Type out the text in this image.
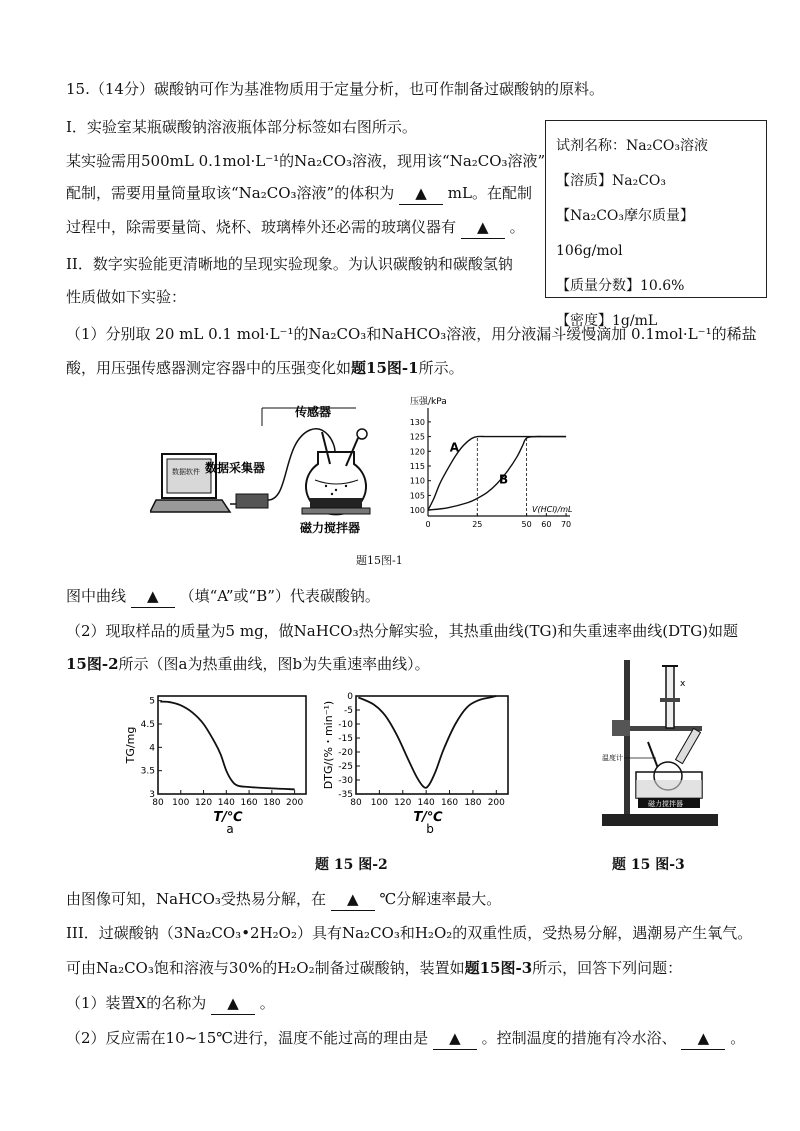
15.（14分）碳酸钠可作为基准物质用于定量分析，也可作制备过碳酸钠的原料。
I．实验室某瓶碳酸钠溶液瓶体部分标签如右图所示。
某实验需用500mL 0.1mol·L⁻¹的Na₂CO₃溶液，现用该“Na₂CO₃溶液”
配制，需要用量筒量取该“Na₂CO₃溶液”的体积为 ▲ mL。在配制
过程中，除需要量筒、烧杯、玻璃棒外还必需的玻璃仪器有 ▲ 。
试剂名称：Na₂CO₃溶液
【溶质】Na₂CO₃
【Na₂CO₃摩尔质量】106g/mol
【质量分数】10.6%
【密度】1g/mL
II．数字实验能更清晰地的呈现实验现象。为认识碳酸钠和碳酸氢钠
性质做如下实验：
（1）分别取 20 mL 0.1 mol·L⁻¹的Na₂CO₃和NaHCO₃溶液，用分液漏斗缓慢滴加 0.1mol·L⁻¹的稀盐
酸，用压强传感器测定容器中的压强变化如题15图-1所示。
数据软件 数据采集器
传感器
磁力搅拌器
压强/kPa
V(HCl)/mL
100
105
110
115
120
125
130
0	25	50 60 70
A
B
题15图-1
图中曲线 ▲ （填“A”或“B”）代表碳酸钠。
（2）现取样品的质量为5 mg，做NaHCO₃热分解实验，其热重曲线(TG)和失重速率曲线(DTG)如题
15图-2所示（图a为热重曲线，图b为失重速率曲线）。
3
3.5
4
4.5
5
80 100 120 140 160 180 200
T/℃
a
TG/mg
0
-5
-10
-15
-20
-25
-30
-35
80 100 120 140 160 180 200
T/℃
b
DTG/(%・min⁻¹)
题 15 图-2
x
温度计
磁力搅拌器
题 15 图-3
由图像可知，NaHCO₃受热易分解，在 ▲ ℃分解速率最大。
III．过碳酸钠（3Na₂CO₃•2H₂O₂）具有Na₂CO₃和H₂O₂的双重性质，受热易分解，遇潮易产生氧气。
可由Na₂CO₃饱和溶液与30%的H₂O₂制备过碳酸钠，装置如题15图-3所示，回答下列问题：
（1）装置X的名称为 ▲ 。
（2）反应需在10~15℃进行，温度不能过高的理由是 ▲ 。控制温度的措施有冷水浴、 ▲ 。
